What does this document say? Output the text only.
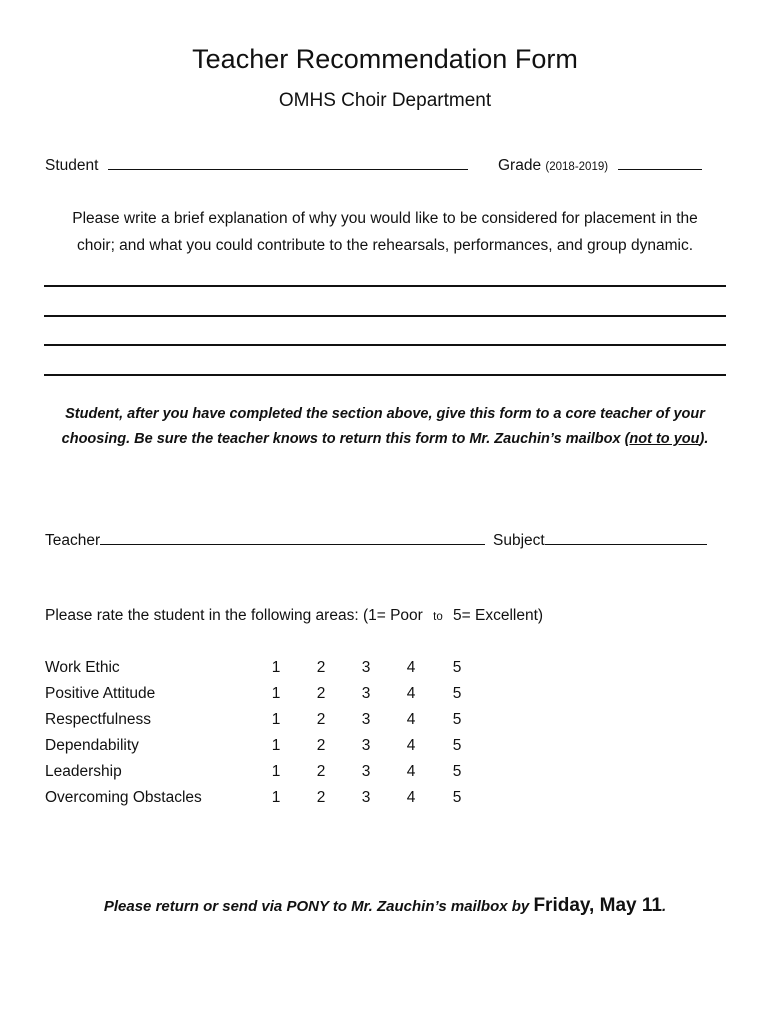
Teacher Recommendation Form
OMHS Choir Department
Student	Grade (2018-2019)
Please write a brief explanation of why you would like to be considered for placement in the
choir; and what you could contribute to the rehearsals, performances, and group dynamic.
Student, after you have completed the section above, give this form to a core teacher of your
choosing. Be sure the teacher knows to return this form to Mr. Zauchin’s mailbox (not to you).
Teacher	Subject
Please rate the student in the following areas: (1= Poor to 5= Excellent)
Work Ethic	1	2	3	4	5
Positive Attitude	1	2	3	4	5
Respectfulness	1	2	3	4	5
Dependability	1	2	3	4	5
Leadership	1	2	3	4	5
Overcoming Obstacles	1	2	3	4	5
Please return or send via PONY to Mr. Zauchin’s mailbox by Friday, May 11.
